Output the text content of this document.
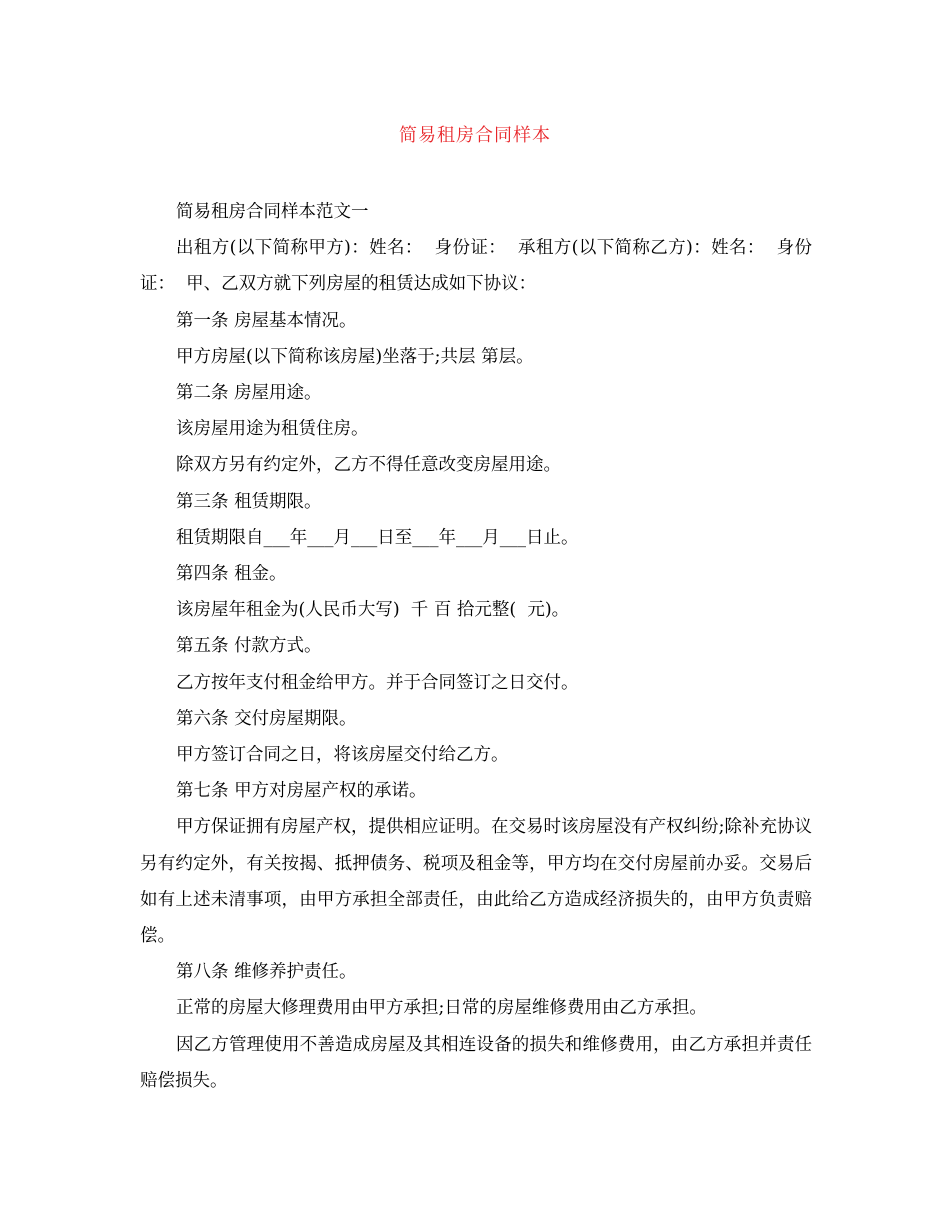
简易租房合同样本

简易租房合同样本范文一

出租方(以下简称甲方)：姓名：  身份证：  承租方(以下简称乙方)：姓名：  身份证：  甲、乙双方就下列房屋的租赁达成如下协议：

第一条 房屋基本情况。

甲方房屋(以下简称该房屋)坐落于;共层 第层。

第二条 房屋用途。

该房屋用途为租赁住房。

除双方另有约定外，乙方不得任意改变房屋用途。

第三条 租赁期限。

租赁期限自___年___月___日至___年___月___日止。

第四条 租金。

该房屋年租金为(人民币大写)  千 百 拾元整(  元)。

第五条 付款方式。

乙方按年支付租金给甲方。并于合同签订之日交付。

第六条 交付房屋期限。

甲方签订合同之日，将该房屋交付给乙方。

第七条 甲方对房屋产权的承诺。

甲方保证拥有房屋产权，提供相应证明。在交易时该房屋没有产权纠纷;除补充协议另有约定外，有关按揭、抵押债务、税项及租金等，甲方均在交付房屋前办妥。交易后如有上述未清事项，由甲方承担全部责任，由此给乙方造成经济损失的，由甲方负责赔偿。

第八条 维修养护责任。

正常的房屋大修理费用由甲方承担;日常的房屋维修费用由乙方承担。

因乙方管理使用不善造成房屋及其相连设备的损失和维修费用，由乙方承担并责任赔偿损失。
